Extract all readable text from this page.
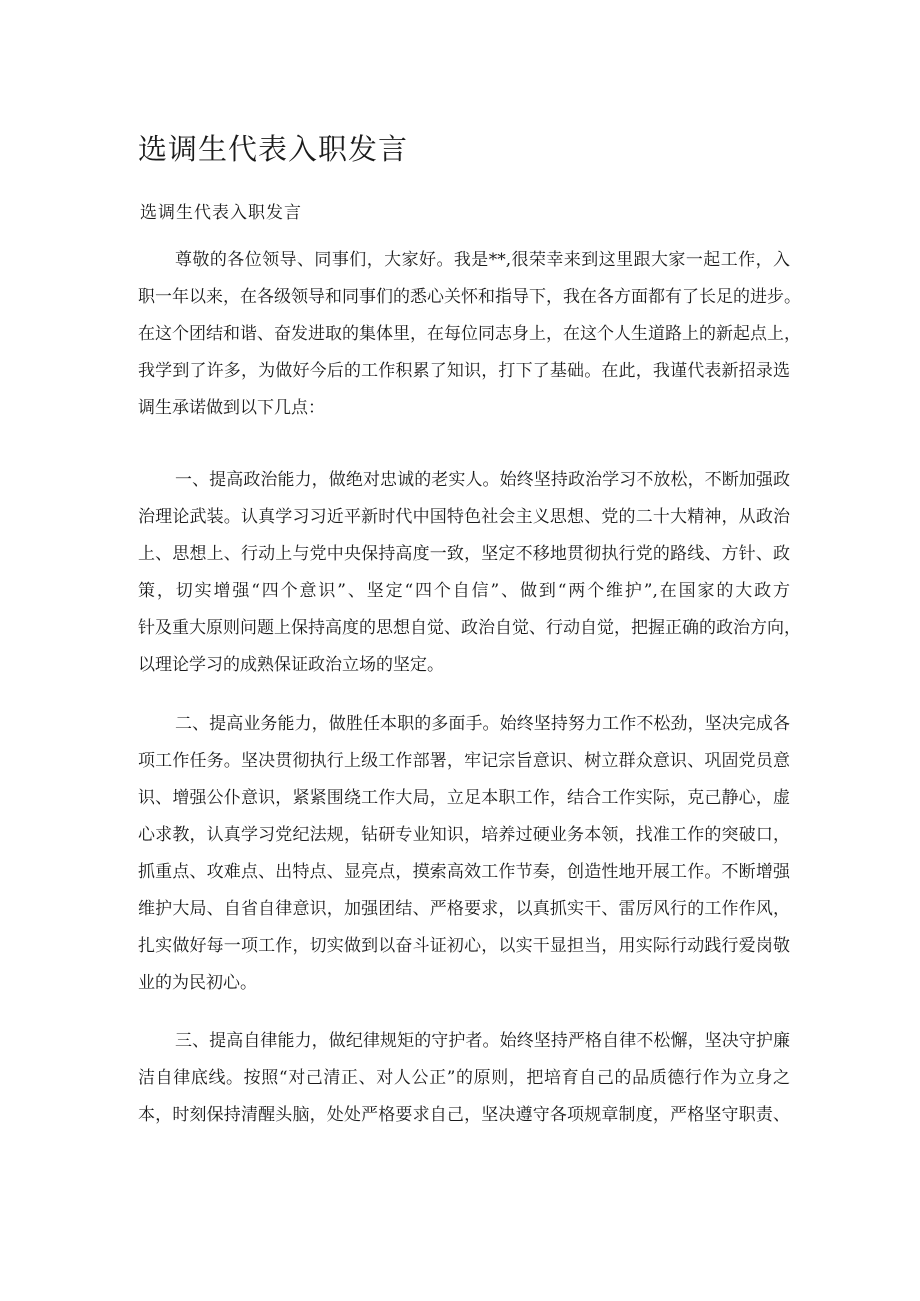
选调生代表入职发言

选调生代表入职发言

尊敬的各位领导、同事们，大家好。我是**,很荣幸来到这里跟大家一起工作，入
职一年以来，在各级领导和同事们的悉心关怀和指导下，我在各方面都有了长足的进步。
在这个团结和谐、奋发进取的集体里，在每位同志身上，在这个人生道路上的新起点上，
我学到了许多，为做好今后的工作积累了知识，打下了基础。在此，我谨代表新招录选
调生承诺做到以下几点：
一、提高政治能力，做绝对忠诚的老实人。始终坚持政治学习不放松，不断加强政
治理论武装。认真学习习近平新时代中国特色社会主义思想、党的二十大精神，从政治
上、思想上、行动上与党中央保持高度一致，坚定不移地贯彻执行党的路线、方针、政
策，切实增强“四个意识”、坚定“四个自信”、做到“两个维护”,在国家的大政方
针及重大原则问题上保持高度的思想自觉、政治自觉、行动自觉，把握正确的政治方向，
以理论学习的成熟保证政治立场的坚定。
二、提高业务能力，做胜任本职的多面手。始终坚持努力工作不松劲，坚决完成各
项工作任务。坚决贯彻执行上级工作部署，牢记宗旨意识、树立群众意识、巩固党员意
识、增强公仆意识，紧紧围绕工作大局，立足本职工作，结合工作实际，克己静心，虚
心求教，认真学习党纪法规，钻研专业知识，培养过硬业务本领，找准工作的突破口，
抓重点、攻难点、出特点、显亮点，摸索高效工作节奏，创造性地开展工作。不断增强
维护大局、自省自律意识，加强团结、严格要求，以真抓实干、雷厉风行的工作作风，
扎实做好每一项工作，切实做到以奋斗证初心，以实干显担当，用实际行动践行爱岗敬
业的为民初心。
三、提高自律能力，做纪律规矩的守护者。始终坚持严格自律不松懈，坚决守护廉
洁自律底线。按照“对己清正、对人公正”的原则，把培育自己的品质德行作为立身之
本，时刻保持清醒头脑，处处严格要求自己，坚决遵守各项规章制度，严格坚守职责、
